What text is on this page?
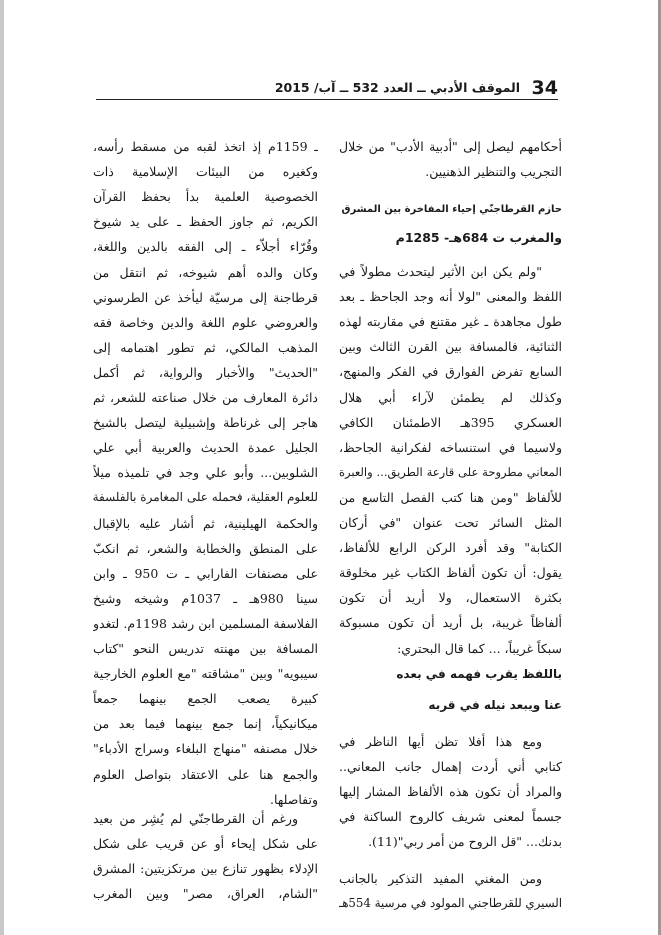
34
الموقف الأدبي ــ العدد 532 ــ آب/ 2015
أحكامهم ليصل إلى "أدبية الأدب" من خلال
التجريب والتنظير الذهنيين.
حازم القرطاجنّي إحياء المفاخرة بين المشرق
والمغرب ت 684هـ- 1285م
"ولم يكن ابن الأثير ليتحدث مطولاً في
اللفظ والمعنى "لولا أنه وجد الجاحظ ـ بعد
طول مجاهدة ـ غير مقتنع في مقاربته لهذه
الثنائية، فالمسافة بين القرن الثالث وبين
السابع تفرض الفوارق في الفكر والمنهج،
وكذلك لم يطمئن لآراء أبي هلال
العسكري 395هـ الاطمئنان الكافي
ولاسيما في استنساخه لفكرانية الجاحظ،
المعاني مطروحة على قارعة الطريق... والعبرة
للألفاظ "ومن هنا كتب الفصل التاسع من
المثل السائر تحت عنوان "في أركان
الكتابة" وقد أفرد الركن الرابع للألفاظ،
يقول: أن تكون ألفاظ الكتاب غير مخلوقة
بكثرة الاستعمال، ولا أريد أن تكون
ألفاظاً غريبة، بل أريد أن تكون مسبوكة
سبكاً غريباً، ... كما قال البحتري:
باللفظ يقرب فهمه في بعده
عنا ويبعد نيله في قربه
ومع هذا أفلا تظن أيها الناظر في
كتابي أني أردت إهمال جانب المعاني..
والمراد أن تكون هذه الألفاظ المشار إليها
جسماً لمعنى شريف كالروح الساكنة في
بدنك... "قل الروح من أمر ربي"(11).
ومن المغني المفيد التذكير بالجانب
السيري للقرطاجني المولود في مرسية 554هـ
ـ 1159م إذ اتخذ لقبه من مسقط رأسه،
وكغيره من البيئات الإسلامية ذات
الخصوصية العلمية بدأ بحفظ القرآن
الكريم، ثم جاوز الحفظ ـ على يد شيوخ
وقُرّاء أجلاّء ـ إلى الفقه بالدين واللغة،
وكان والده أهم شيوخه، ثم انتقل من
قرطاجنة إلى مرسيّة ليأخذ عن الطرسوني
والعروضي علوم اللغة والدين وخاصة فقه
المذهب المالكي، ثم تطور اهتمامه إلى
"الحديث" والأخبار والرواية، ثم أكمل
دائرة المعارف من خلال صناعته للشعر، ثم
هاجر إلى غرناطة وإشبيلية ليتصل بالشيخ
الجليل عمدة الحديث والعربية أبي علي
الشلوبين... وأبو علي وجد في تلميذه ميلاً
للعلوم العقلية، فحمله على المغامرة بالفلسفة
والحكمة الهيلينية، ثم أشار عليه بالإقبال
على المنطق والخطابة والشعر، ثم انكبّ
على مصنفات الفارابي ـ ت 950 ـ وابن
سينا 980هـ ـ 1037م وشيخه وشيخ
الفلاسفة المسلمين ابن رشد 1198م. لتغدو
المسافة بين مهنته تدريس النحو "كتاب
سيبويه" وبين "مشاقته "مع العلوم الخارجية
كبيرة يصعب الجمع بينهما جمعاً
ميكانيكياً، إنما جمع بينهما فيما بعد من
خلال مصنفه "منهاج البلغاء وسراج الأدباء"
والجمع هنا على الاعتقاد بتواصل العلوم
وتفاصلها.
ورغم أن القرطاجنّي لم يُشِر من بعيد
على شكل إيحاء أو عن قريب على شكل
الإدلاء بظهور تنازع بين مرتكزيتين: المشرق
"الشام، العراق، مصر" وبين المغرب
